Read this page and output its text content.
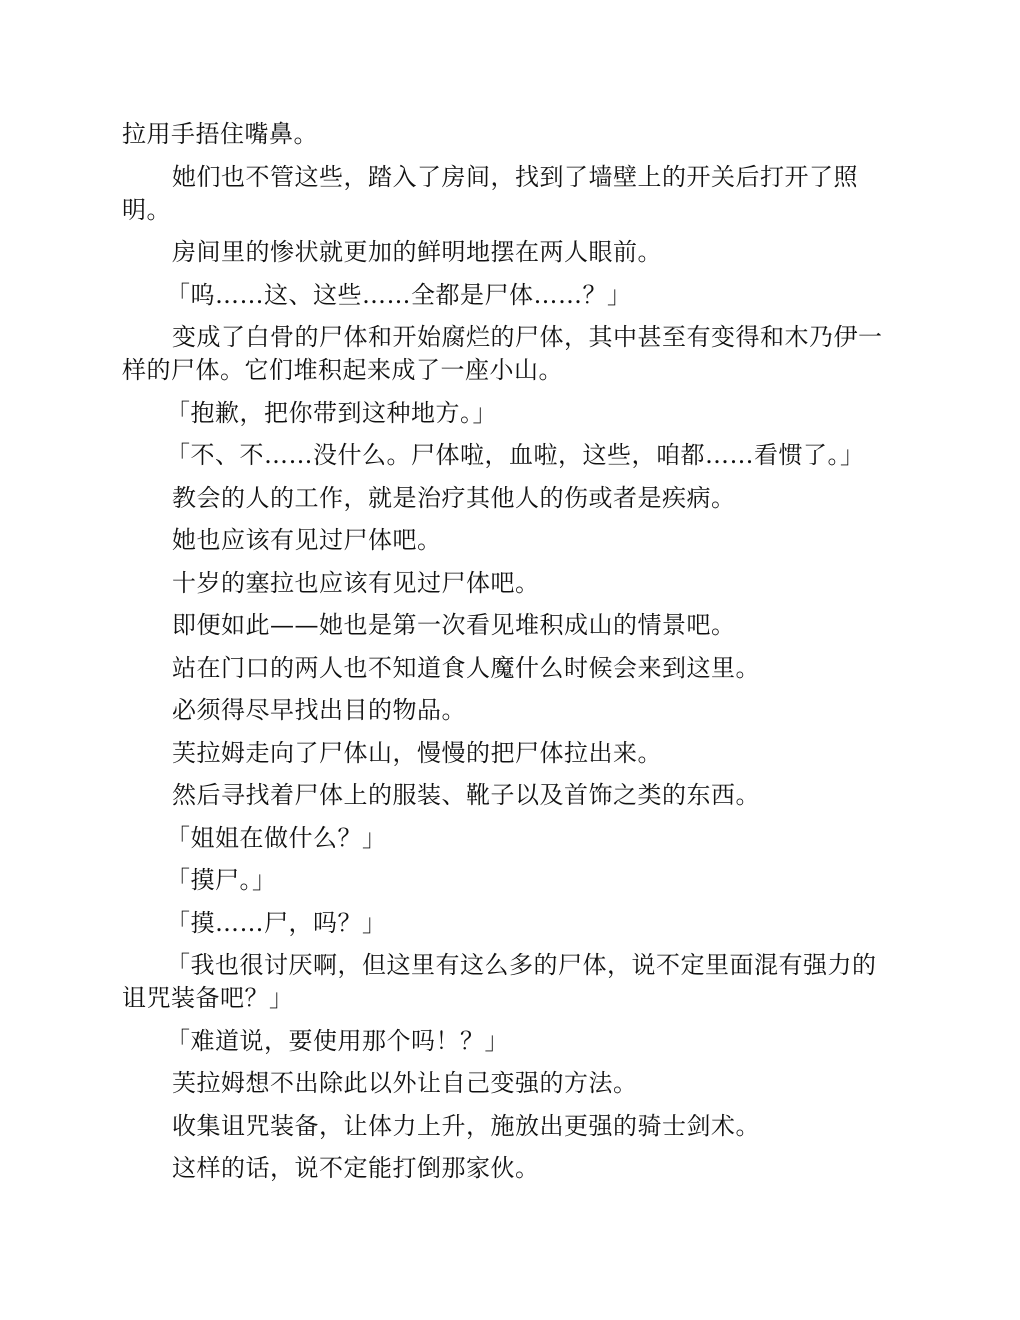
拉用手捂住嘴鼻。

她们也不管这些，踏入了房间，找到了墙壁上的开关后打开了照明。

房间里的惨状就更加的鲜明地摆在两人眼前。

「呜……这、这些……全都是尸体……？」

变成了白骨的尸体和开始腐烂的尸体，其中甚至有变得和木乃伊一样的尸体。它们堆积起来成了一座小山。

「抱歉，把你带到这种地方。」

「不、不……没什么。尸体啦，血啦，这些，咱都……看惯了。」

教会的人的工作，就是治疗其他人的伤或者是疾病。

她也应该有见过尸体吧。

十岁的塞拉也应该有见过尸体吧。

即便如此——她也是第一次看见堆积成山的情景吧。

站在门口的两人也不知道食人魔什么时候会来到这里。

必须得尽早找出目的物品。

芙拉姆走向了尸体山，慢慢的把尸体拉出来。

然后寻找着尸体上的服装、靴子以及首饰之类的东西。

「姐姐在做什么？」

「摸尸。」

「摸……尸，吗？」

「我也很讨厌啊，但这里有这么多的尸体，说不定里面混有强力的诅咒装备吧？」

「难道说，要使用那个吗！？」

芙拉姆想不出除此以外让自己变强的方法。

收集诅咒装备，让体力上升，施放出更强的骑士剑术。

这样的话，说不定能打倒那家伙。
